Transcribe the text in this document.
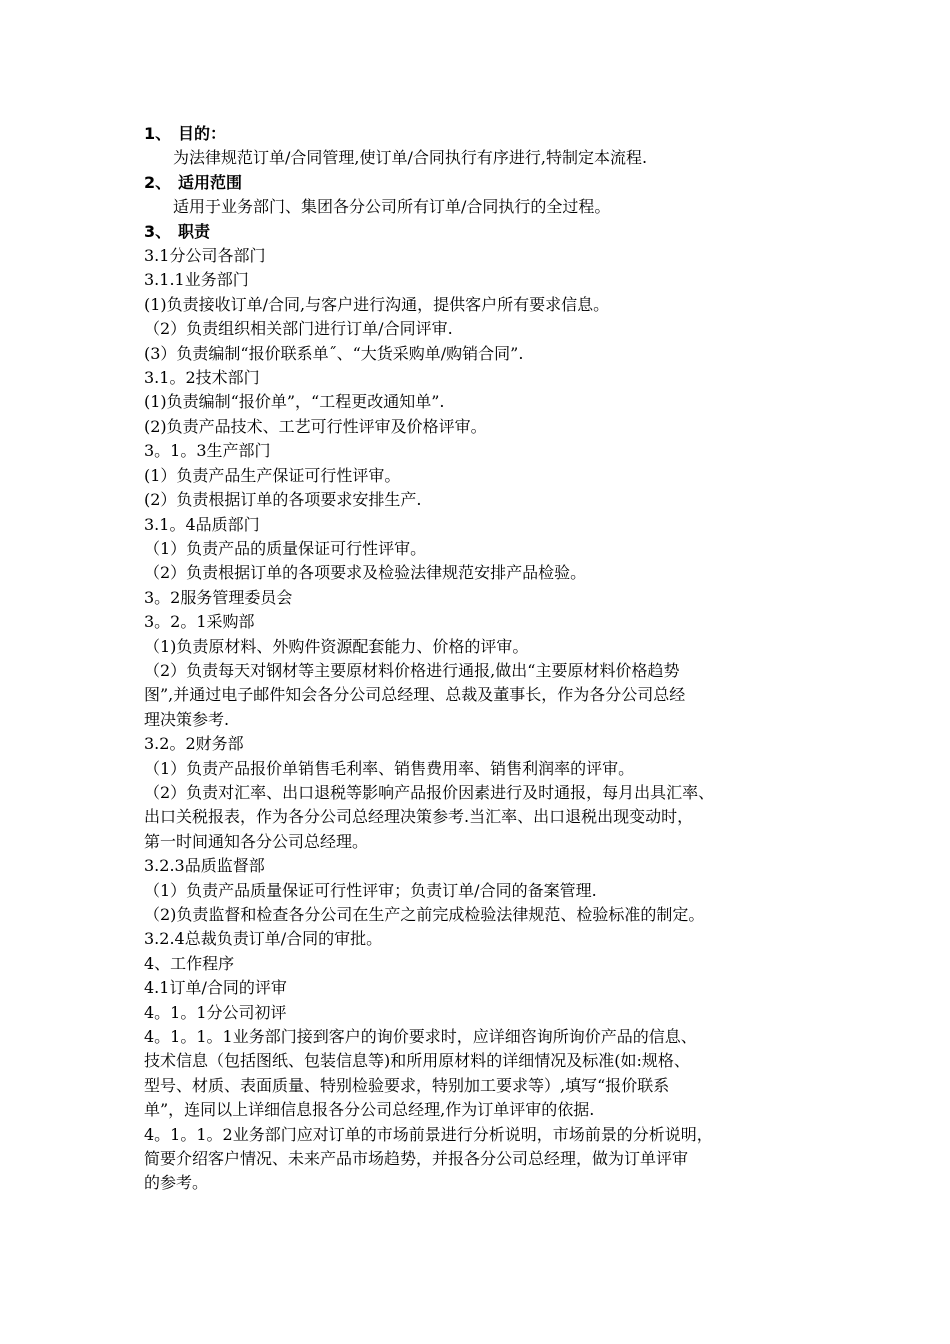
1、 目的：
为法律规范订单/合同管理,使订单/合同执行有序进行,特制定本流程.
2、 适用范围
适用于业务部门、集团各分公司所有订单/合同执行的全过程。
3、 职责
3.1分公司各部门
3.1.1业务部门
(1)负责接收订单/合同,与客户进行沟通，提供客户所有要求信息。
（2）负责组织相关部门进行订单/合同评审.
(3）负责编制“报价联系单˝、“大货采购单/购销合同”.
3.1。2技术部门
(1)负责编制“报价单”，“工程更改通知单”.
(2)负责产品技术、工艺可行性评审及价格评审。
3。1。3生产部门
(1）负责产品生产保证可行性评审。
(2）负责根据订单的各项要求安排生产.
3.1。4品质部门
（1）负责产品的质量保证可行性评审。
（2）负责根据订单的各项要求及检验法律规范安排产品检验。
3。2服务管理委员会
3。2。1采购部
（1)负责原材料、外购件资源配套能力、价格的评审。
（2）负责每天对钢材等主要原材料价格进行通报,做出“主要原材料价格趋势
图”,并通过电子邮件知会各分公司总经理、总裁及董事长，作为各分公司总经
理决策参考.
3.2。2财务部
（1）负责产品报价单销售毛利率、销售费用率、销售利润率的评审。
（2）负责对汇率、出口退税等影响产品报价因素进行及时通报，每月出具汇率、
出口关税报表，作为各分公司总经理决策参考.当汇率、出口退税出现变动时，
第一时间通知各分公司总经理。
3.2.3品质监督部
（1）负责产品质量保证可行性评审；负责订单/合同的备案管理.
（2)负责监督和检查各分公司在生产之前完成检验法律规范、检验标准的制定。
3.2.4总裁负责订单/合同的审批。
4、工作程序
4.1订单/合同的评审
4。1。1分公司初评
4。1。1。1业务部门接到客户的询价要求时，应详细咨询所询价产品的信息、
技术信息（包括图纸、包装信息等)和所用原材料的详细情况及标准(如:规格、
型号、材质、表面质量、特别检验要求，特别加工要求等）,填写“报价联系
单”，连同以上详细信息报各分公司总经理,作为订单评审的依据.
4。1。1。2业务部门应对订单的市场前景进行分析说明，市场前景的分析说明，
简要介绍客户情况、未来产品市场趋势，并报各分公司总经理，做为订单评审
的参考。
